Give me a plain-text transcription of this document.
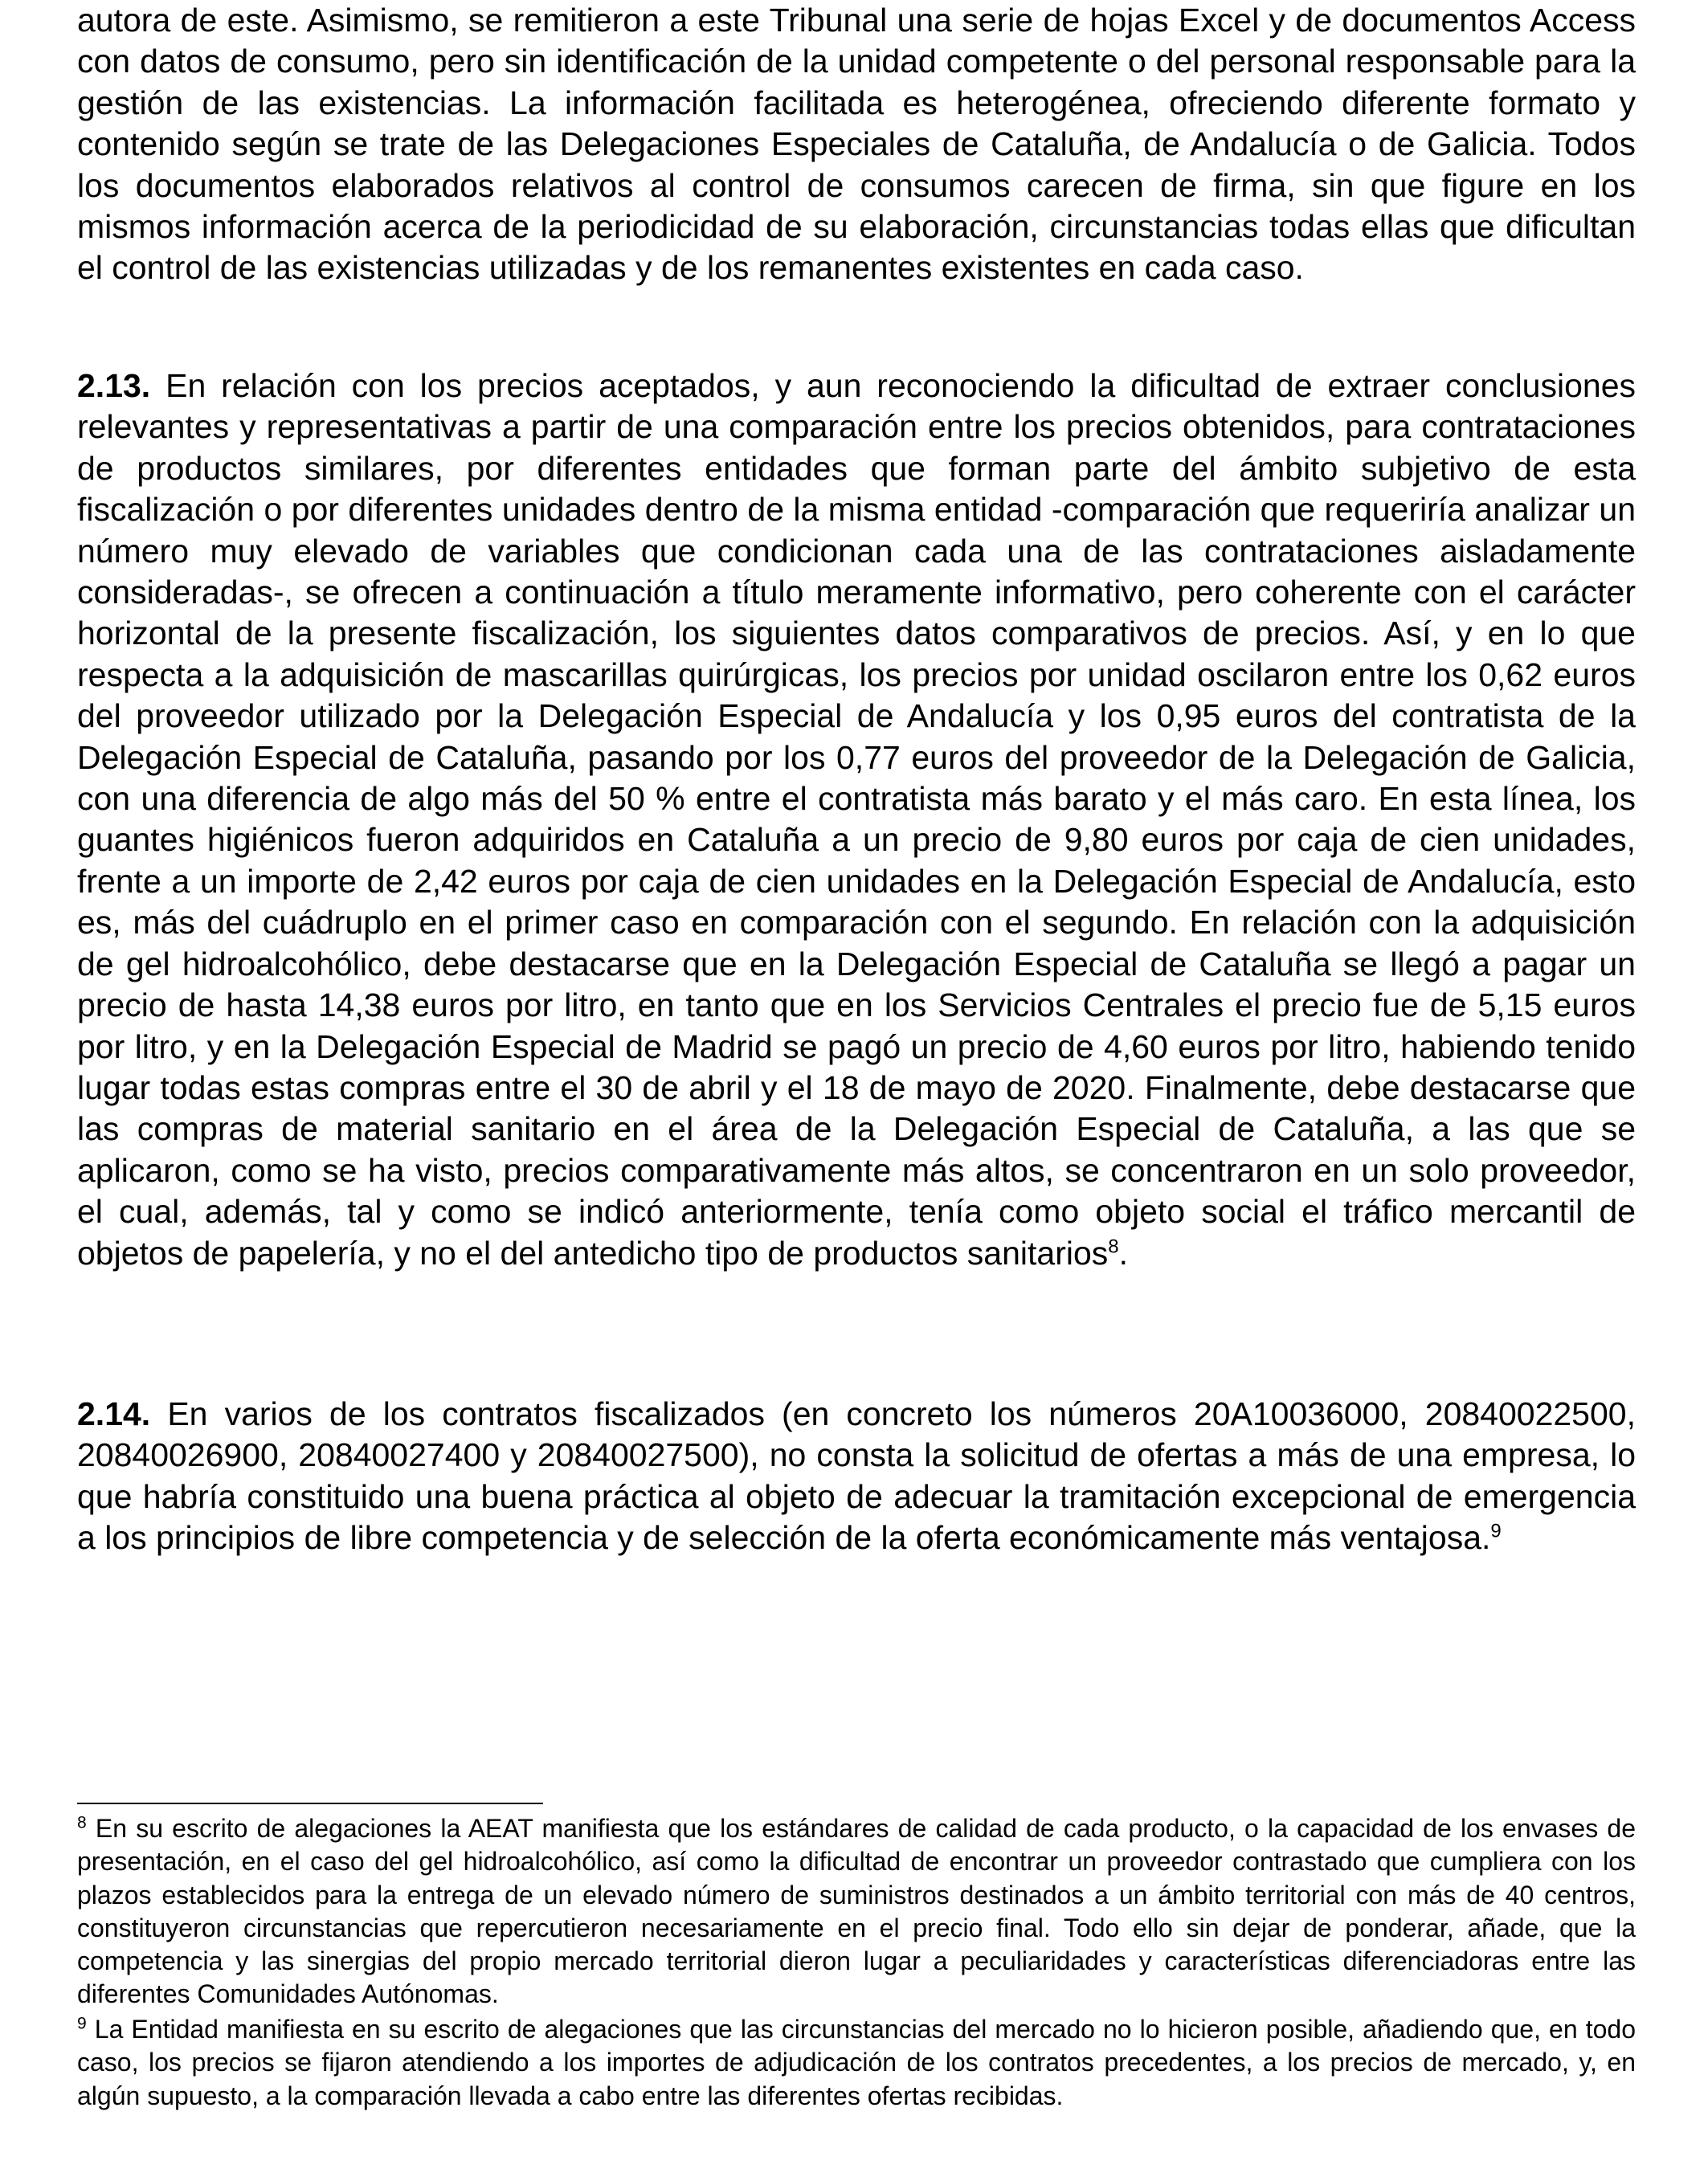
autora de este. Asimismo, se remitieron a este Tribunal una serie de hojas Excel y de documentos Access con datos de consumo, pero sin identificación de la unidad competente o del personal responsable para la gestión de las existencias. La información facilitada es heterogénea, ofreciendo diferente formato y contenido según se trate de las Delegaciones Especiales de Cataluña, de Andalucía o de Galicia. Todos los documentos elaborados relativos al control de consumos carecen de firma, sin que figure en los mismos información acerca de la periodicidad de su elaboración, circunstancias todas ellas que dificultan el control de las existencias utilizadas y de los remanentes existentes en cada caso.

2.13. En relación con los precios aceptados, y aun reconociendo la dificultad de extraer conclusiones relevantes y representativas a partir de una comparación entre los precios obtenidos, para contrataciones de productos similares, por diferentes entidades que forman parte del ámbito subjetivo de esta fiscalización o por diferentes unidades dentro de la misma entidad -comparación que requeriría analizar un número muy elevado de variables que condicionan cada una de las contrataciones aisladamente consideradas-, se ofrecen a continuación a título meramente informativo, pero coherente con el carácter horizontal de la presente fiscalización, los siguientes datos comparativos de precios. Así, y en lo que respecta a la adquisición de mascarillas quirúrgicas, los precios por unidad oscilaron entre los 0,62 euros del proveedor utilizado por la Delegación Especial de Andalucía y los 0,95 euros del contratista de la Delegación Especial de Cataluña, pasando por los 0,77 euros del proveedor de la Delegación de Galicia, con una diferencia de algo más del 50 % entre el contratista más barato y el más caro. En esta línea, los guantes higiénicos fueron adquiridos en Cataluña a un precio de 9,80 euros por caja de cien unidades, frente a un importe de 2,42 euros por caja de cien unidades en la Delegación Especial de Andalucía, esto es, más del cuádruplo en el primer caso en comparación con el segundo. En relación con la adquisición de gel hidroalcohólico, debe destacarse que en la Delegación Especial de Cataluña se llegó a pagar un precio de hasta 14,38 euros por litro, en tanto que en los Servicios Centrales el precio fue de 5,15 euros por litro, y en la Delegación Especial de Madrid se pagó un precio de 4,60 euros por litro, habiendo tenido lugar todas estas compras entre el 30 de abril y el 18 de mayo de 2020. Finalmente, debe destacarse que las compras de material sanitario en el área de la Delegación Especial de Cataluña, a las que se aplicaron, como se ha visto, precios comparativamente más altos, se concentraron en un solo proveedor, el cual, además, tal y como se indicó anteriormente, tenía como objeto social el tráfico mercantil de objetos de papelería, y no el del antedicho tipo de productos sanitarios$^8$.

2.14. En varios de los contratos fiscalizados (en concreto los números 20A10036000, 20840022500, 20840026900, 20840027400 y 20840027500), no consta la solicitud de ofertas a más de una empresa, lo que habría constituido una buena práctica al objeto de adecuar la tramitación excepcional de emergencia a los principios de libre competencia y de selección de la oferta económicamente más ventajosa.$^9$

$^8$ En su escrito de alegaciones la AEAT manifiesta que los estándares de calidad de cada producto, o la capacidad de los envases de presentación, en el caso del gel hidroalcohólico, así como la dificultad de encontrar un proveedor contrastado que cumpliera con los plazos establecidos para la entrega de un elevado número de suministros destinados a un ámbito territorial con más de 40 centros, constituyeron circunstancias que repercutieron necesariamente en el precio final. Todo ello sin dejar de ponderar, añade, que la competencia y las sinergias del propio mercado territorial dieron lugar a peculiaridades y características diferenciadoras entre las diferentes Comunidades Autónomas.

$^9$ La Entidad manifiesta en su escrito de alegaciones que las circunstancias del mercado no lo hicieron posible, añadiendo que, en todo caso, los precios se fijaron atendiendo a los importes de adjudicación de los contratos precedentes, a los precios de mercado, y, en algún supuesto, a la comparación llevada a cabo entre las diferentes ofertas recibidas.
